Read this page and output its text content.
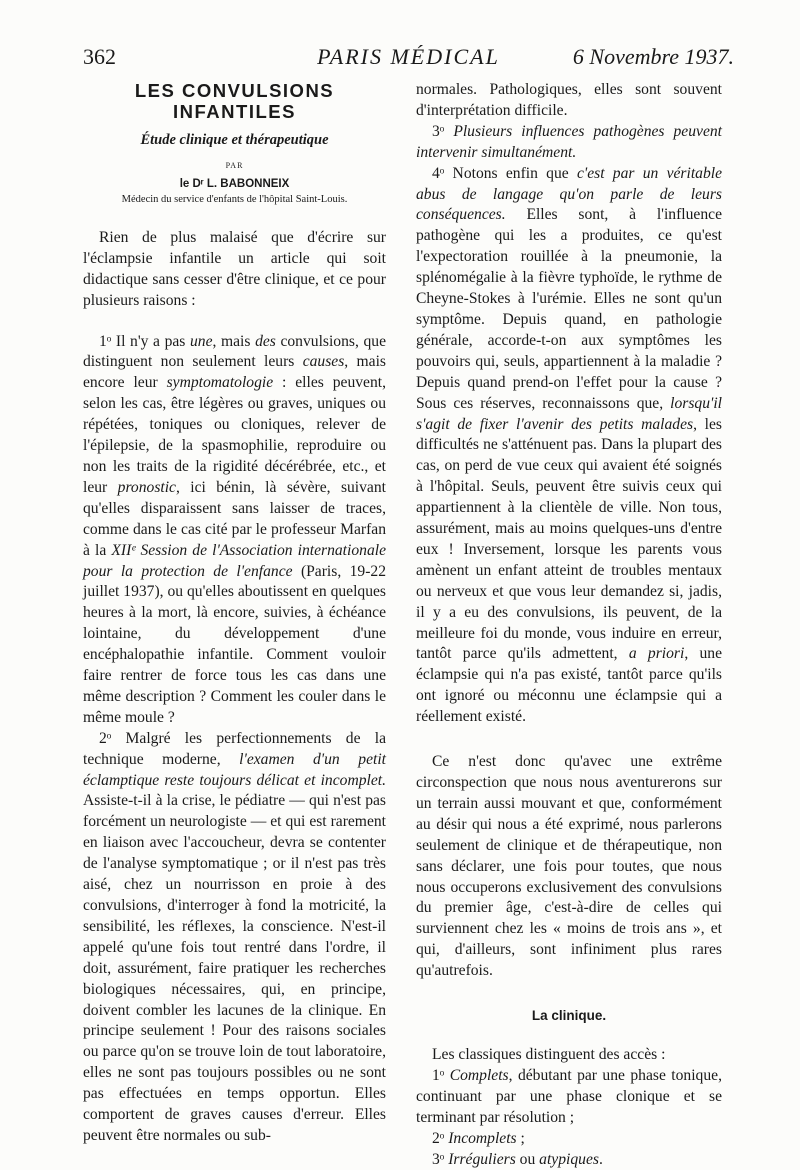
362	PARIS MÉDICAL	6 Novembre 1937.
LES CONVULSIONS
INFANTILES
Étude clinique et thérapeutique
PAR
le Dʳ L. BABONNEIX
Médecin du service d'enfants de l'hôpital Saint-Louis.

Rien de plus malaisé que d'écrire sur l'éclampsie infantile un article qui soit didactique sans cesser d'être clinique, et ce pour plusieurs raisons :

1ᵒ Il n'y a pas une, mais des convulsions, que distinguent non seulement leurs causes, mais encore leur symptomatologie : elles peuvent, selon les cas, être légères ou graves, uniques ou répétées, toniques ou cloniques, relever de l'épilepsie, de la spasmophilie, reproduire ou non les traits de la rigidité décérébrée, etc., et leur pronostic, ici bénin, là sévère, suivant qu'elles disparaissent sans laisser de traces, comme dans le cas cité par le professeur Marfan à la XIIᵉ Session de l'Association internationale pour la protection de l'enfance (Paris, 19-22 juillet 1937), ou qu'elles aboutissent en quelques heures à la mort, là encore, suivies, à échéance lointaine, du développement d'une encéphalopathie infantile. Comment vouloir faire rentrer de force tous les cas dans une même description ? Comment les couler dans le même moule ?

2ᵒ Malgré les perfectionnements de la technique moderne, l'examen d'un petit éclamptique reste toujours délicat et incomplet. Assiste-t-il à la crise, le pédiatre — qui n'est pas forcément un neurologiste — et qui est rarement en liaison avec l'accoucheur, devra se contenter de l'analyse symptomatique ; or il n'est pas très aisé, chez un nourrisson en proie à des convulsions, d'interroger à fond la motricité, la sensibilité, les réflexes, la conscience. N'est-il appelé qu'une fois tout rentré dans l'ordre, il doit, assurément, faire pratiquer les recherches biologiques nécessaires, qui, en principe, doivent combler les lacunes de la clinique. En principe seulement ! Pour des raisons sociales ou parce qu'on se trouve loin de tout laboratoire, elles ne sont pas toujours possibles ou ne sont pas effectuées en temps opportun. Elles comportent de graves causes d'erreur. Elles peuvent être normales ou sub-

normales. Pathologiques, elles sont souvent d'interprétation difficile.

3ᵒ Plusieurs influences pathogènes peuvent intervenir simultanément.

4ᵒ Notons enfin que c'est par un véritable abus de langage qu'on parle de leurs conséquences. Elles sont, à l'influence pathogène qui les a produites, ce qu'est l'expectoration rouillée à la pneumonie, la splénomégalie à la fièvre typhoïde, le rythme de Cheyne-Stokes à l'urémie. Elles ne sont qu'un symptôme. Depuis quand, en pathologie générale, accorde-t-on aux symptômes les pouvoirs qui, seuls, appartiennent à la maladie ? Depuis quand prend-on l'effet pour la cause ? Sous ces réserves, reconnaissons que, lorsqu'il s'agit de fixer l'avenir des petits malades, les difficultés ne s'atténuent pas. Dans la plupart des cas, on perd de vue ceux qui avaient été soignés à l'hôpital. Seuls, peuvent être suivis ceux qui appartiennent à la clientèle de ville. Non tous, assurément, mais au moins quelques-uns d'entre eux ! Inversement, lorsque les parents vous amènent un enfant atteint de troubles mentaux ou nerveux et que vous leur demandez si, jadis, il y a eu des convulsions, ils peuvent, de la meilleure foi du monde, vous induire en erreur, tantôt parce qu'ils admettent, a priori, une éclampsie qui n'a pas existé, tantôt parce qu'ils ont ignoré ou méconnu une éclampsie qui a réellement existé.

Ce n'est donc qu'avec une extrême circonspection que nous nous aventurerons sur un terrain aussi mouvant et que, conformément au désir qui nous a été exprimé, nous parlerons seulement de clinique et de thérapeutique, non sans déclarer, une fois pour toutes, que nous nous occuperons exclusivement des convulsions du premier âge, c'est-à-dire de celles qui surviennent chez les « moins de trois ans », et qui, d'ailleurs, sont infiniment plus rares qu'autrefois.

La clinique.

Les classiques distinguent des accès :

1ᵒ Complets, débutant par une phase tonique, continuant par une phase clonique et se terminant par résolution ;

2ᵒ Incomplets ;

3ᵒ Irréguliers ou atypiques.
